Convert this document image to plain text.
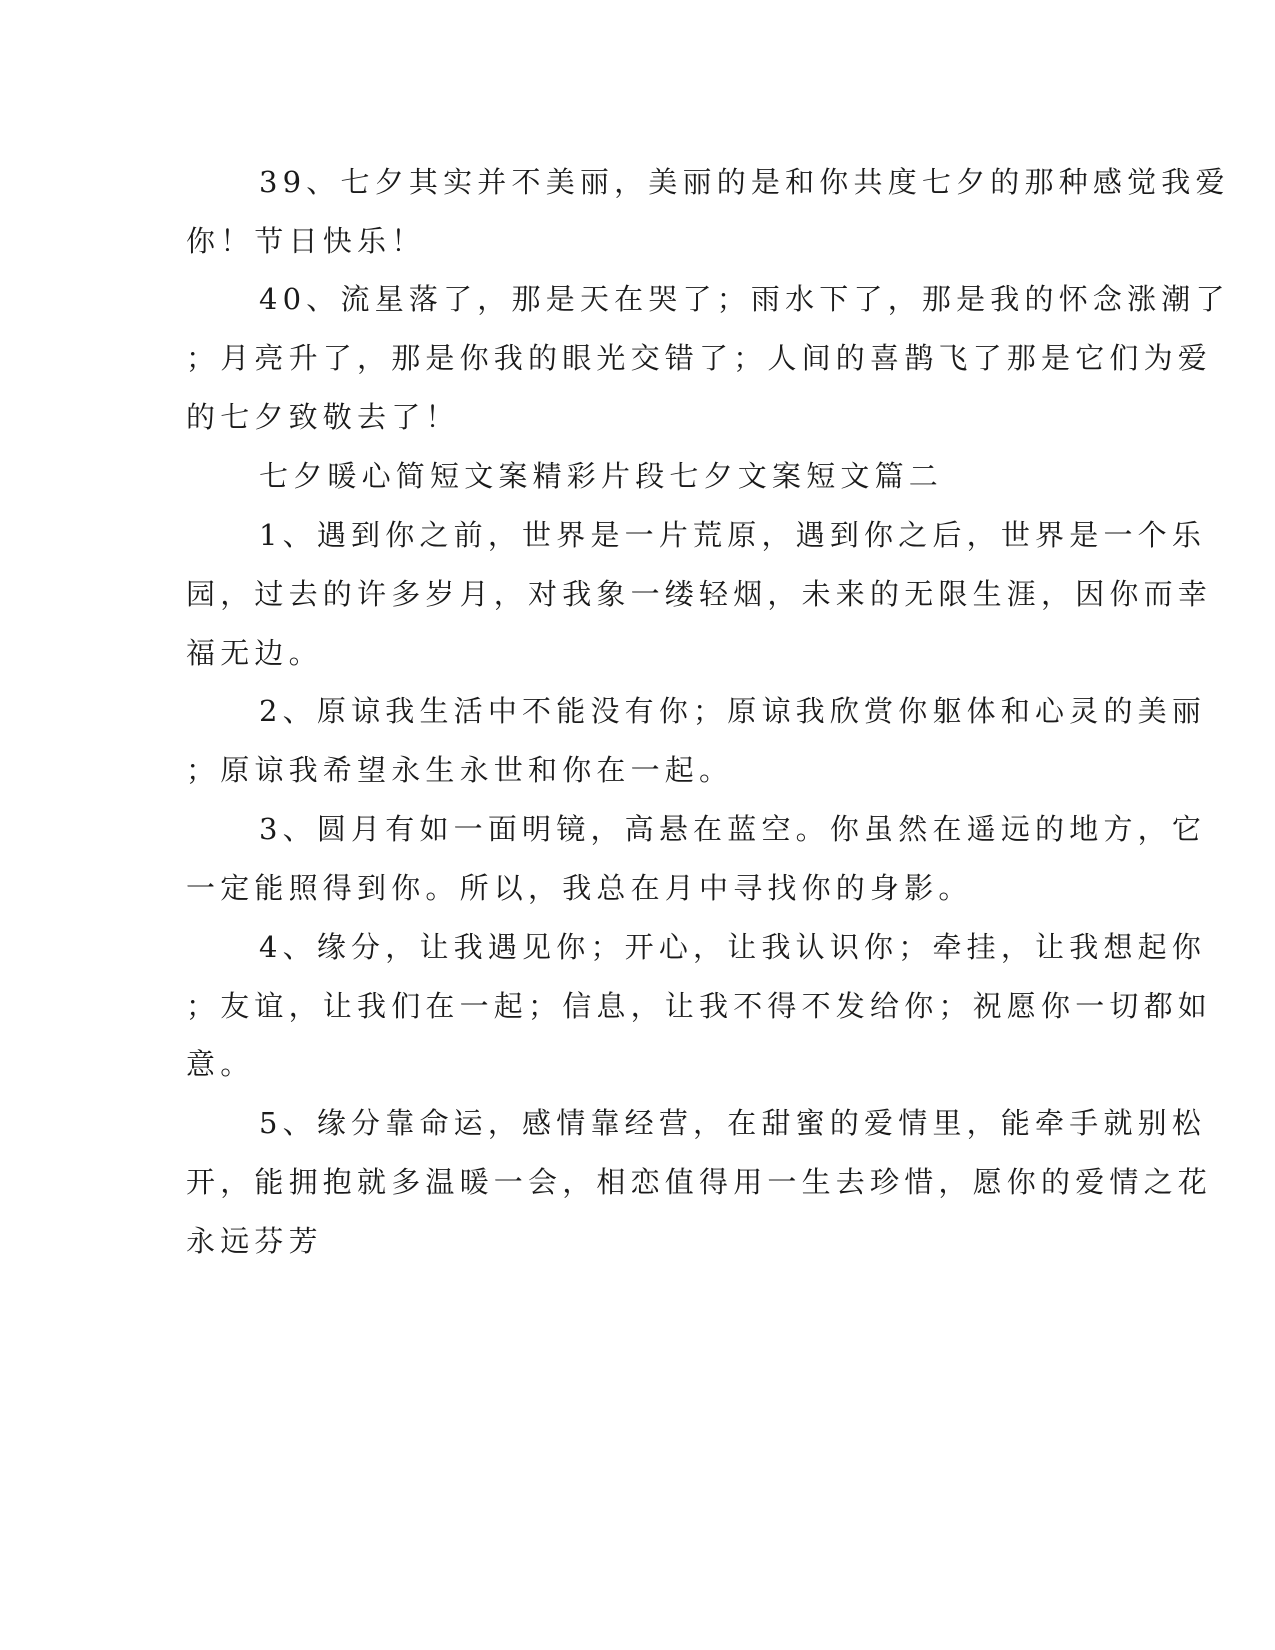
39、七夕其实并不美丽，美丽的是和你共度七夕的那种感觉我爱
你！节日快乐！
40、流星落了，那是天在哭了；雨水下了，那是我的怀念涨潮了
；月亮升了，那是你我的眼光交错了；人间的喜鹊飞了那是它们为爱
的七夕致敬去了！
七夕暖心简短文案精彩片段七夕文案短文篇二
1、遇到你之前，世界是一片荒原，遇到你之后，世界是一个乐
园，过去的许多岁月，对我象一缕轻烟，未来的无限生涯，因你而幸
福无边。
2、原谅我生活中不能没有你；原谅我欣赏你躯体和心灵的美丽
；原谅我希望永生永世和你在一起。
3、圆月有如一面明镜，高悬在蓝空。你虽然在遥远的地方，它
一定能照得到你。所以，我总在月中寻找你的身影。
4、缘分，让我遇见你；开心，让我认识你；牵挂，让我想起你
；友谊，让我们在一起；信息，让我不得不发给你；祝愿你一切都如
意。
5、缘分靠命运，感情靠经营，在甜蜜的爱情里，能牵手就别松
开，能拥抱就多温暖一会，相恋值得用一生去珍惜，愿你的爱情之花
永远芬芳
